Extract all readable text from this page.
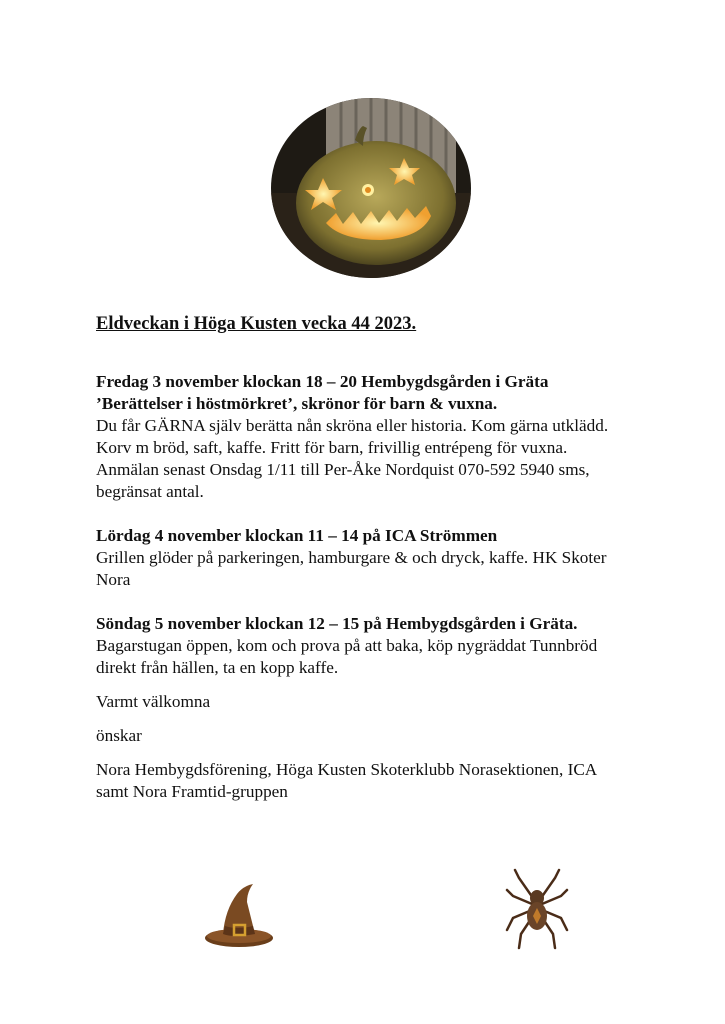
Eldveckan i Höga Kusten vecka 44 2023.

Fredag 3 november klockan 18 – 20 Hembygdsgården i Gräta

’Berättelser i höstmörkret’, skrönor för barn & vuxna.

Du får GÄRNA själv berätta nån skröna eller historia. Kom gärna utklädd.

Korv m bröd, saft, kaffe. Fritt för barn, frivillig entrépeng för vuxna.

Anmälan senast Onsdag 1/11 till Per-Åke Nordquist 070-592 5940 sms,

begränsat antal.

Lördag 4 november klockan 11 – 14 på ICA Strömmen

Grillen glöder på parkeringen, hamburgare & och dryck, kaffe. HK Skoter

Nora

Söndag 5 november klockan 12 – 15 på Hembygdsgården i Gräta.

Bagarstugan öppen, kom och prova på att baka, köp nygräddat Tunnbröd

direkt från hällen, ta en kopp kaffe.

Varmt välkomna

önskar

Nora Hembygdsförening, Höga Kusten Skoterklubb Norasektionen, ICA

samt Nora Framtid-gruppen
